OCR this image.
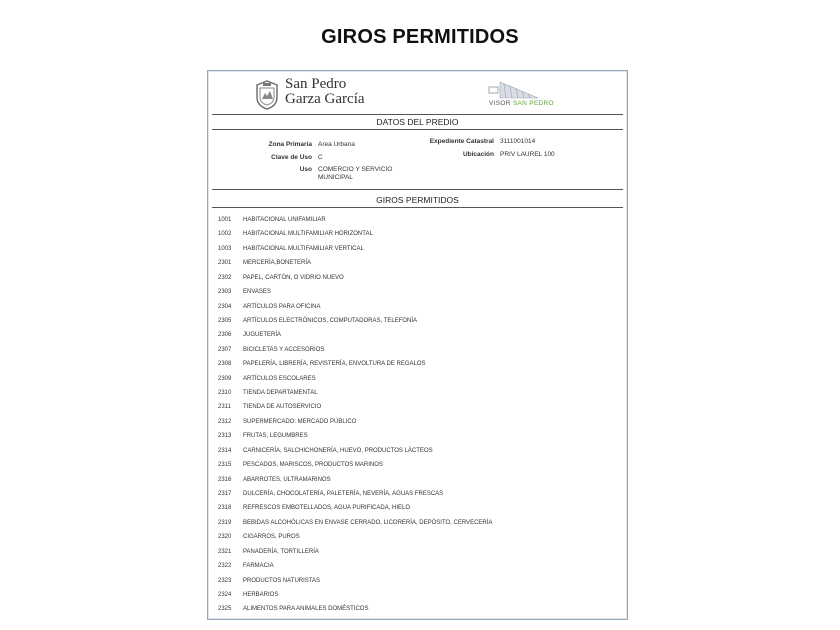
GIROS PERMITIDOS
San Pedro
Garza García	VISOR SAN PEDRO
DATOS DEL PREDIO
Zona Primaria Area Urbana
Clave de Uso C
Uso COMERCIO Y SERVICIO
MUNICIPAL
Expediente Catastral 3111001014
Ubicación PRIV LAUREL 100
GIROS PERMITIDOS
1001	HABITACIONAL UNIFAMILIAR
1002	HABITACIONAL MULTIFAMILIAR HORIZONTAL
1003	HABITACIONAL MULTIFAMILIAR VERTICAL
2301	MERCERÍA,BONETERÍA
2302	PAPEL, CARTÓN, O VIDRIO NUEVO
2303	ENVASES
2304	ARTÍCULOS PARA OFICINA
2305	ARTÍCULOS ELECTRÓNICOS, COMPUTADORAS, TELEFONÍA
2306	JUGUETERÍA
2307	BICICLETAS Y ACCESORIOS
2308	PAPELERÍA, LIBRERÍA, REVISTERÍA, ENVOLTURA DE REGALOS
2309	ARTÍCULOS ESCOLARES
2310	TIENDA DEPARTAMENTAL
2311	TIENDA DE AUTOSERVICIO
2312	SUPERMERCADO: MERCADO PÚBLICO
2313	FRUTAS, LEGUMBRES
2314	CARNICERÍA, SALCHICHONERÍA, HUEVO, PRODUCTOS LÁCTEOS
2315	PESCADOS, MARISCOS, PRODUCTOS MARINOS
2316	ABARROTES, ULTRAMARINOS
2317	DULCERÍA, CHOCOLATERÍA, PALETERÍA, NEVERÍA, AGUAS FRESCAS
2318	REFRESCOS EMBOTELLADOS, AGUA PURIFICADA, HIELO
2319	BEBIDAS ALCOHÓLICAS EN ENVASE CERRADO, LICORERÍA, DEPÓSITO, CERVECERÍA
2320	CIGARROS, PUROS
2321	PANADERÍA, TORTILLERÍA
2322	FARMACIA
2323	PRODUCTOS NATURISTAS
2324	HERBARIOS
2325	ALIMENTOS PARA ANIMALES DOMÉSTICOS
